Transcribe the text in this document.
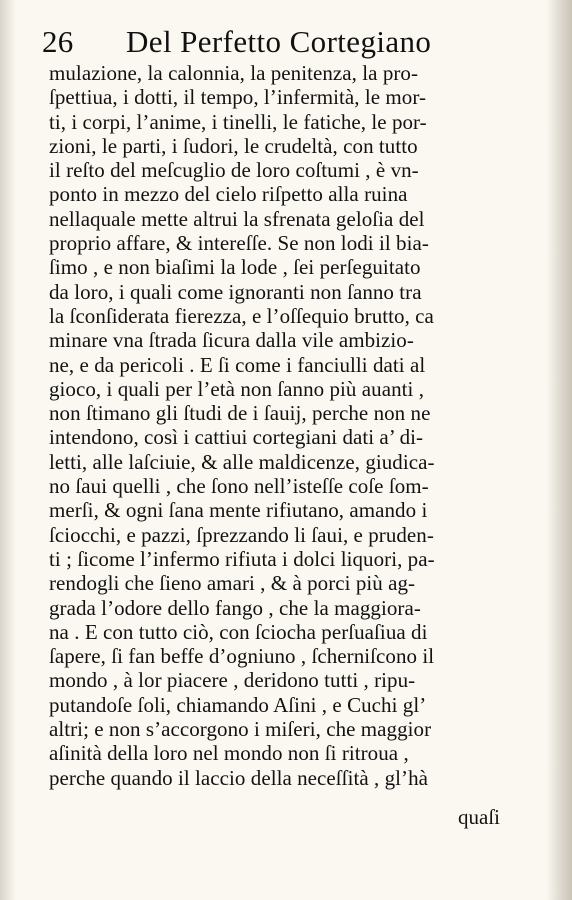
26 Del Perfetto Cortegiano
mulazione, la calonnia, la penitenza, la pro-
ſpettiua, i dotti, il tempo, l’infermità, le mor-
ti, i corpi, l’anime, i tinelli, le fatiche, le por-
zioni, le parti, i ſudori, le crudeltà, con tutto
il reſto del meſcuglio de loro coſtumi , è vn-
ponto in mezzo del cielo riſpetto alla ruina
nellaquale mette altrui la sfrenata geloſia del
proprio affare, & intereſſe. Se non lodi il bia-
ſimo , e non biaſimi la lode , ſei perſeguitato
da loro, i quali come ignoranti non ſanno tra
la ſconſiderata fierezza, e l’oſſequio brutto, ca
minare vna ſtrada ſicura dalla vile ambizio-
ne, e da pericoli . E ſi come i fanciulli dati al
gioco, i quali per l’età non ſanno più auanti ,
non ſtimano gli ſtudi de i ſauij, perche non ne
intendono, così i cattiui cortegiani dati a’ di-
letti, alle laſciuie, & alle maldicenze, giudica-
no ſaui quelli , che ſono nell’isteſſe coſe ſom-
merſi, & ogni ſana mente rifiutano, amando i
ſciocchi, e pazzi, ſprezzando li ſaui, e pruden-
ti ; ſicome l’infermo rifiuta i dolci liquori, pa-
rendogli che ſieno amari , & à porci più ag-
grada l’odore dello fango , che la maggiora-
na . E con tutto ciò, con ſciocha perſuaſiua di
ſapere, ſi fan beffe d’ogniuno , ſcherniſcono il
mondo , à lor piacere , deridono tutti , ripu-
putandoſe ſoli, chiamando Aſini , e Cuchi gl’
altri; e non s’accorgono i miſeri, che maggior
aſinità della loro nel mondo non ſi ritroua ,
perche quando il laccio della neceſſità , gl’hà
quaſi
